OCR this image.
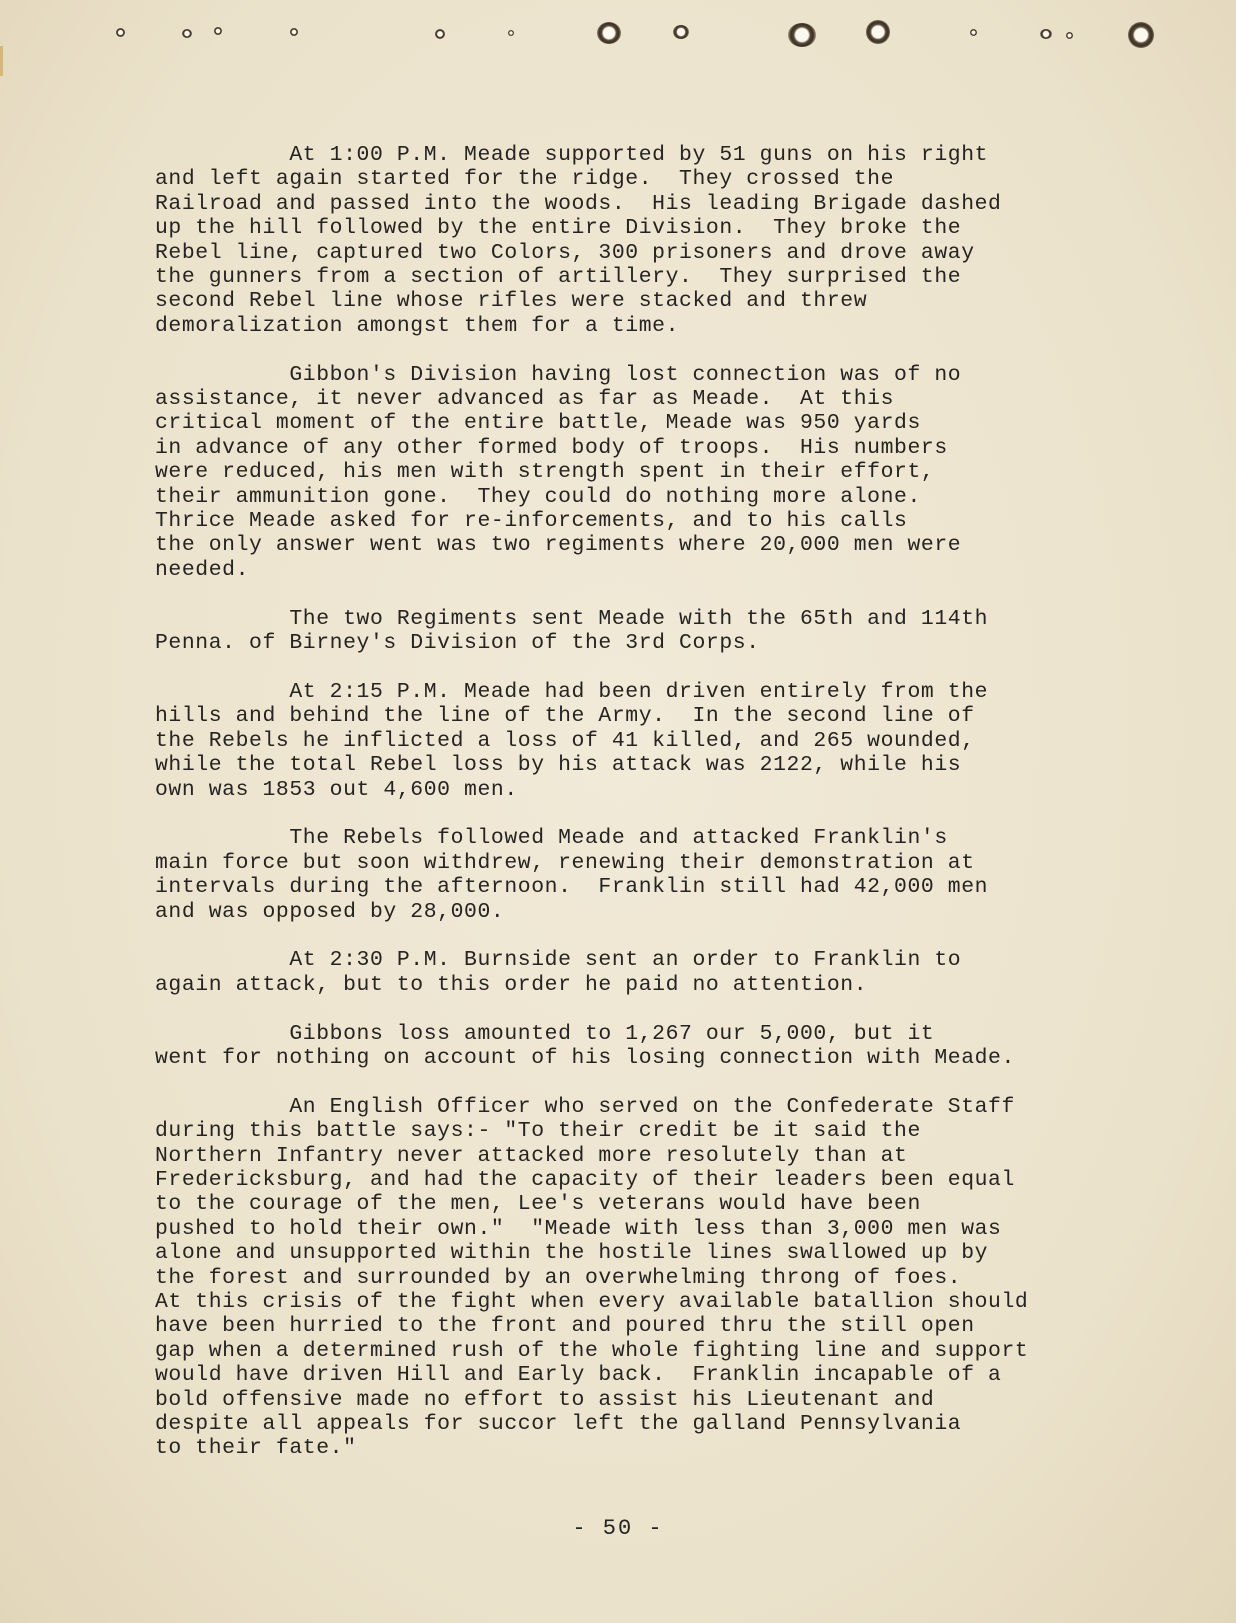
At 1:00 P.M. Meade supported by 51 guns on his right
and left again started for the ridge.  They crossed the
Railroad and passed into the woods.  His leading Brigade dashed
up the hill followed by the entire Division.  They broke the
Rebel line, captured two Colors, 300 prisoners and drove away
the gunners from a section of artillery.  They surprised the
second Rebel line whose rifles were stacked and threw
demoralization amongst them for a time.

Gibbon's Division having lost connection was of no
assistance, it never advanced as far as Meade.  At this
critical moment of the entire battle, Meade was 950 yards
in advance of any other formed body of troops.  His numbers
were reduced, his men with strength spent in their effort,
their ammunition gone.  They could do nothing more alone.
Thrice Meade asked for re-inforcements, and to his calls
the only answer went was two regiments where 20,000 men were
needed.

The two Regiments sent Meade with the 65th and 114th
Penna. of Birney's Division of the 3rd Corps.

At 2:15 P.M. Meade had been driven entirely from the
hills and behind the line of the Army.  In the second line of
the Rebels he inflicted a loss of 41 killed, and 265 wounded,
while the total Rebel loss by his attack was 2122, while his
own was 1853 out 4,600 men.

The Rebels followed Meade and attacked Franklin's
main force but soon withdrew, renewing their demonstration at
intervals during the afternoon.  Franklin still had 42,000 men
and was opposed by 28,000.

At 2:30 P.M. Burnside sent an order to Franklin to
again attack, but to this order he paid no attention.

Gibbons loss amounted to 1,267 our 5,000, but it
went for nothing on account of his losing connection with Meade.

An English Officer who served on the Confederate Staff
during this battle says:- "To their credit be it said the
Northern Infantry never attacked more resolutely than at
Fredericksburg, and had the capacity of their leaders been equal
to the courage of the men, Lee's veterans would have been
pushed to hold their own."  "Meade with less than 3,000 men was
alone and unsupported within the hostile lines swallowed up by
the forest and surrounded by an overwhelming throng of foes.
At this crisis of the fight when every available batallion should
have been hurried to the front and poured thru the still open
gap when a determined rush of the whole fighting line and support
would have driven Hill and Early back.  Franklin incapable of a
bold offensive made no effort to assist his Lieutenant and
despite all appeals for succor left the galland Pennsylvania
to their fate."

- 50 -
